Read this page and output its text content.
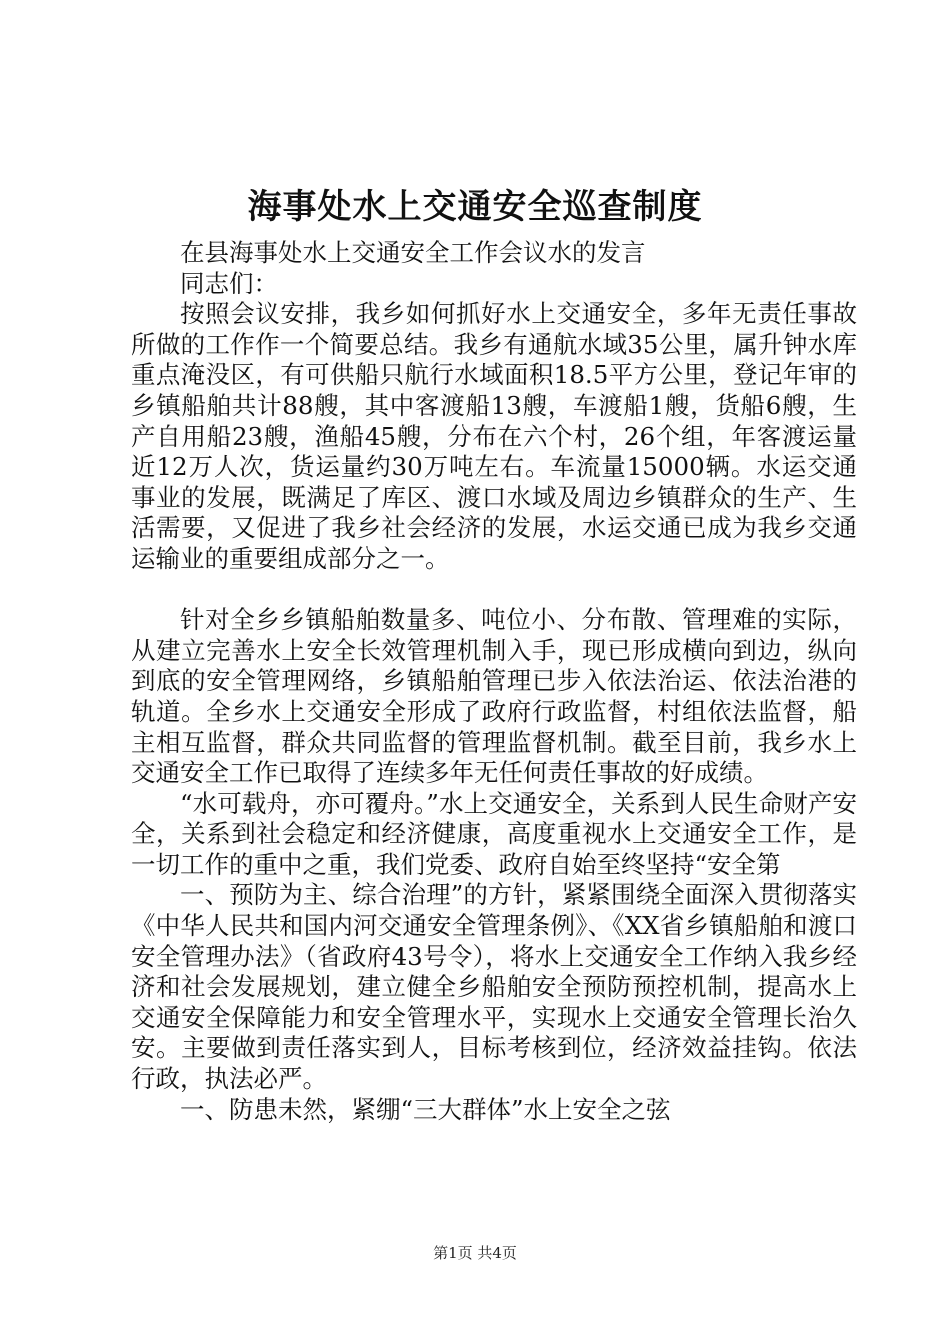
海事处水上交通安全巡查制度

在县海事处水上交通安全工作会议水的发言

同志们：

按照会议安排，我乡如何抓好水上交通安全，多年无责任事故所做的工作作一个简要总结。我乡有通航水域35公里，属升钟水库重点淹没区，有可供船只航行水域面积18.5平方公里，登记年审的乡镇船舶共计88艘，其中客渡船13艘，车渡船1艘，货船6艘，生产自用船23艘，渔船45艘，分布在六个村，26个组，年客渡运量近12万人次，货运量约30万吨左右。车流量15000辆。水运交通事业的发展，既满足了库区、渡口水域及周边乡镇群众的生产、生活需要，又促进了我乡社会经济的发展，水运交通已成为我乡交通运输业的重要组成部分之一。

针对全乡乡镇船舶数量多、吨位小、分布散、管理难的实际，从建立完善水上安全长效管理机制入手，现已形成横向到边，纵向到底的安全管理网络，乡镇船舶管理已步入依法治运、依法治港的轨道。全乡水上交通安全形成了政府行政监督，村组依法监督，船主相互监督，群众共同监督的管理监督机制。截至目前，我乡水上交通安全工作已取得了连续多年无任何责任事故的好成绩。

“水可载舟，亦可覆舟。”水上交通安全，关系到人民生命财产安全，关系到社会稳定和经济健康，高度重视水上交通安全工作，是一切工作的重中之重，我们党委、政府自始至终坚持“安全第

一、预防为主、综合治理”的方针，紧紧围绕全面深入贯彻落实《中华人民共和国内河交通安全管理条例》、《XX省乡镇船舶和渡口安全管理办法》（省政府43号令），将水上交通安全工作纳入我乡经济和社会发展规划，建立健全乡船舶安全预防预控机制，提高水上交通安全保障能力和安全管理水平，实现水上交通安全管理长治久安。主要做到责任落实到人，目标考核到位，经济效益挂钩。依法行政，执法必严。

一、防患未然，紧绷“三大群体”水上安全之弦

第1页 共4页
